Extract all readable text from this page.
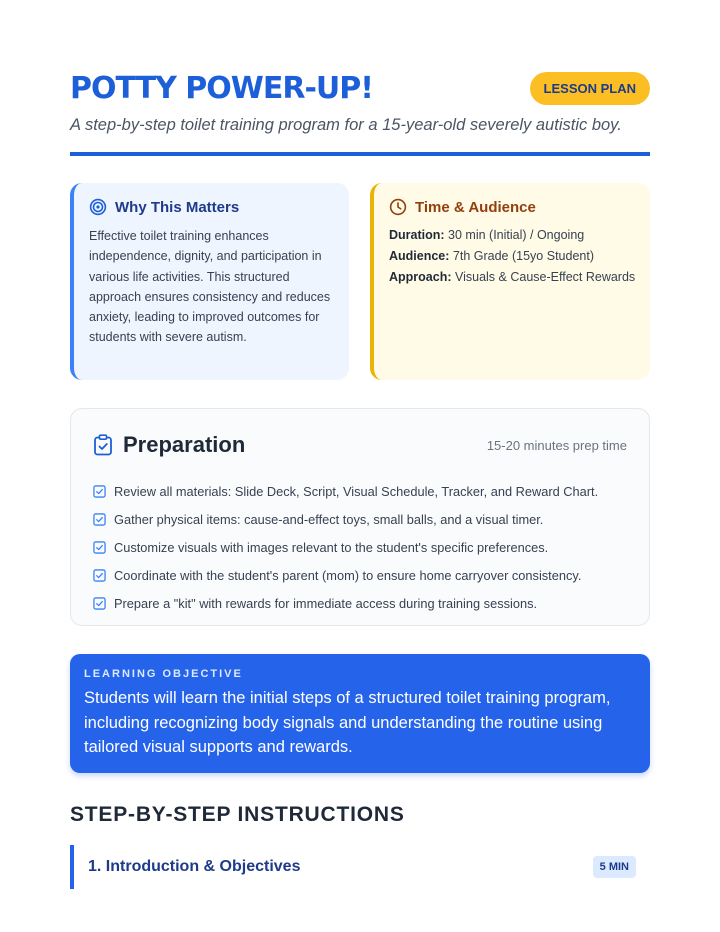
POTTY POWER-UP!	LESSON PLAN
A step-by-step toilet training program for a 15-year-old severely autistic boy.
Why This Matters
Effective toilet training enhances independence, dignity, and participation in various life activities. This structured approach ensures consistency and reduces anxiety, leading to improved outcomes for students with severe autism.
Time & Audience
Duration: 30 min (Initial) / Ongoing
Audience: 7th Grade (15yo Student)
Approach: Visuals & Cause-Effect Rewards
Preparation	15-20 minutes prep time
Review all materials: Slide Deck, Script, Visual Schedule, Tracker, and Reward Chart.
Gather physical items: cause-and-effect toys, small balls, and a visual timer.
Customize visuals with images relevant to the student's specific preferences.
Coordinate with the student's parent (mom) to ensure home carryover consistency.
Prepare a "kit" with rewards for immediate access during training sessions.
LEARNING OBJECTIVE
Students will learn the initial steps of a structured toilet training program, including recognizing body signals and understanding the routine using tailored visual supports and rewards.
STEP-BY-STEP INSTRUCTIONS
1. Introduction & Objectives	5 MIN
